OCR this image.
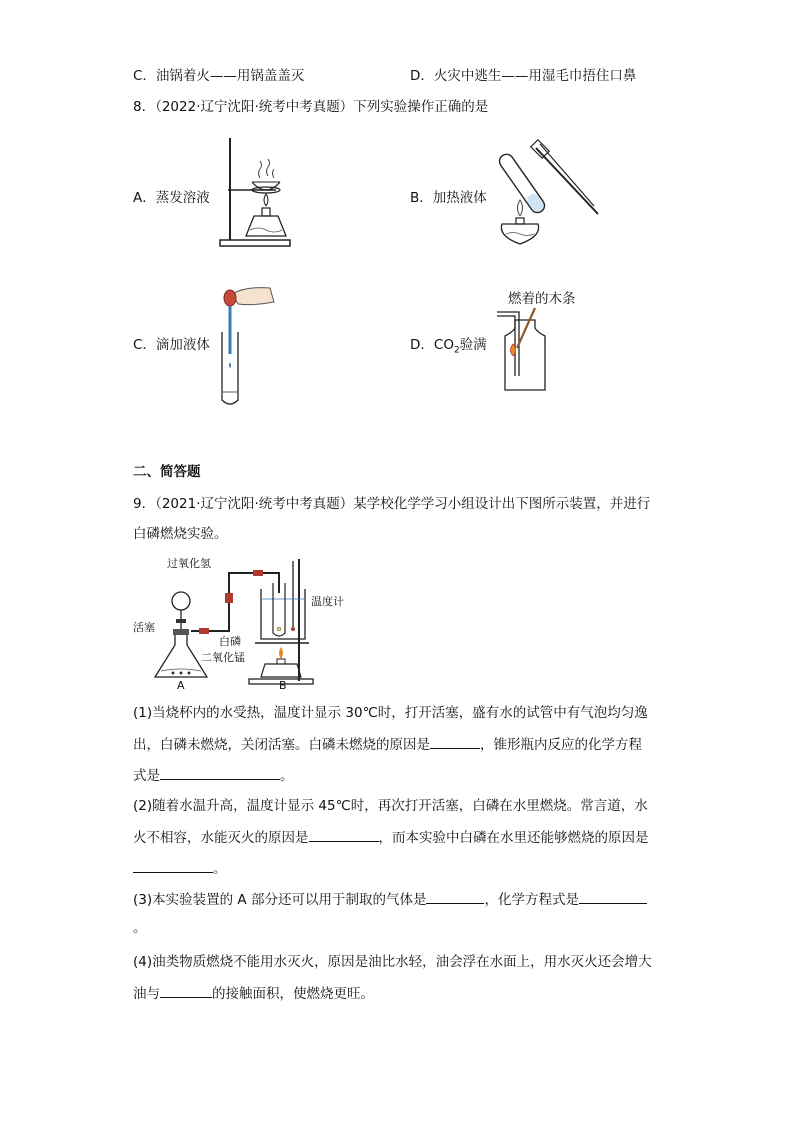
C．油锅着火——用锅盖盖灭	D．火灾中逃生——用湿毛巾捂住口鼻
8．（2022·辽宁沈阳·统考中考真题）下列实验操作正确的是
A．蒸发溶液	B．加热液体
C．滴加液体
燃着的木条
D．$CO_2$验满
二、简答题
9．（2021·辽宁沈阳·统考中考真题）某学校化学学习小组设计出下图所示装置，并进行
白磷燃烧实验。
过氧化氢
活塞
白磷
温度计
二氧化锰
A	B
(1)当烧杯内的水受热，温度计显示 30℃时，打开活塞，盛有水的试管中有气泡均匀逸
出，白磷未燃烧，关闭活塞。白磷未燃烧的原因是	，锥形瓶内反应的化学方程
式是	。
(2)随着水温升高，温度计显示 45℃时，再次打开活塞，白磷在水里燃烧。常言道，水
火不相容，水能灭火的原因是	，而本实验中白磷在水里还能够燃烧的原因是
。
(3)本实验装置的 A 部分还可以用于制取的气体是	，化学方程式是
。
(4)油类物质燃烧不能用水灭火，原因是油比水轻，油会浮在水面上，用水灭火还会增大
油与	的接触面积，使燃烧更旺。
